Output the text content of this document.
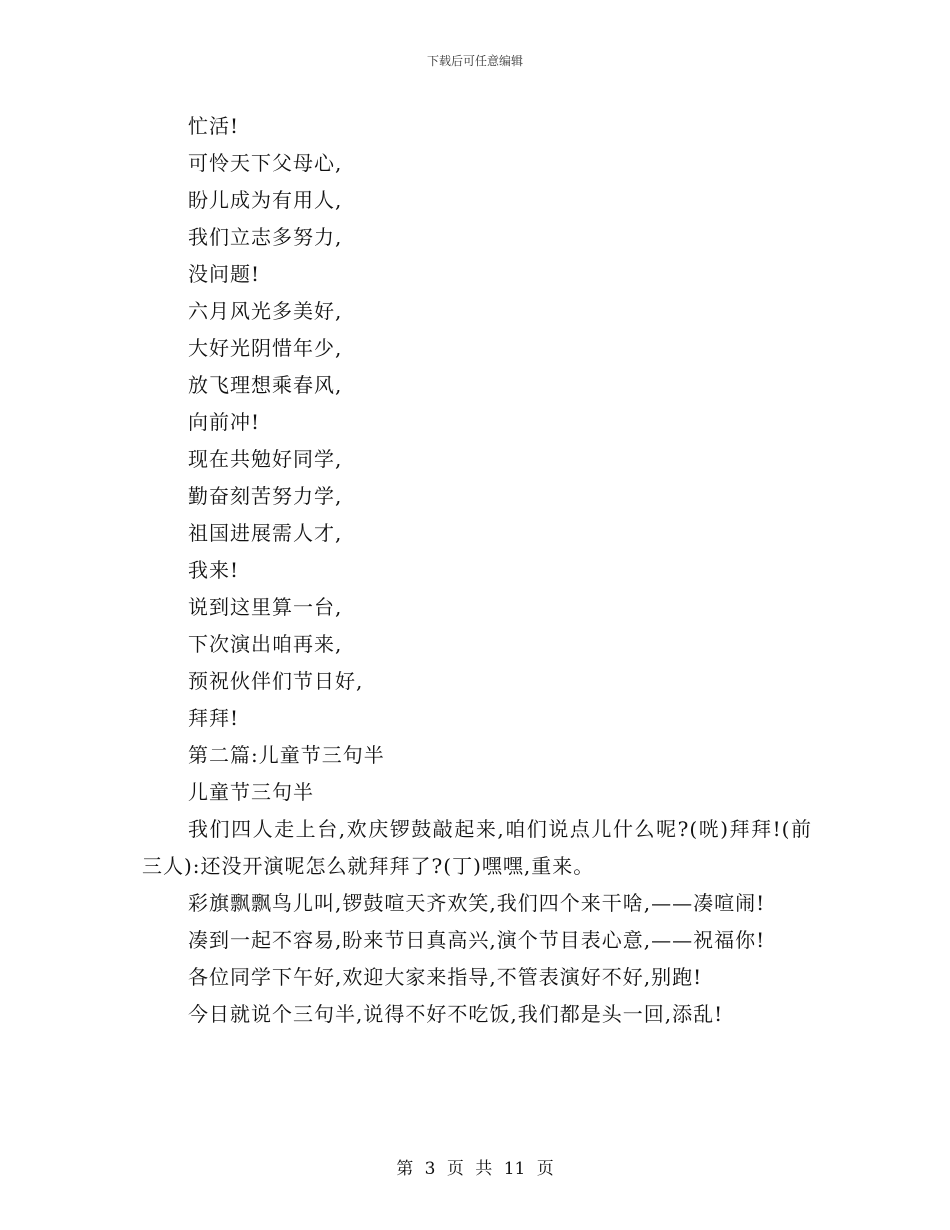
下载后可任意编辑
忙活!
可怜天下父母心,
盼儿成为有用人,
我们立志多努力,
没问题!
六月风光多美好,
大好光阴惜年少,
放飞理想乘春风,
向前冲!
现在共勉好同学,
勤奋刻苦努力学,
祖国进展需人才,
我来!
说到这里算一台,
下次演出咱再来,
预祝伙伴们节日好,
拜拜!
第二篇:儿童节三句半
儿童节三句半
我们四人走上台,欢庆锣鼓敲起来,咱们说点儿什么呢?(咣)拜拜!(前三人):还没开演呢怎么就拜拜了?(丁)嘿嘿,重来。
彩旗飘飘鸟儿叫,锣鼓喧天齐欢笑,我们四个来干啥,——凑喧闹!
凑到一起不容易,盼来节日真高兴,演个节目表心意,——祝福你!
各位同学下午好,欢迎大家来指导,不管表演好不好,别跑!
今日就说个三句半,说得不好不吃饭,我们都是头一回,添乱!
第 3 页 共 11 页
